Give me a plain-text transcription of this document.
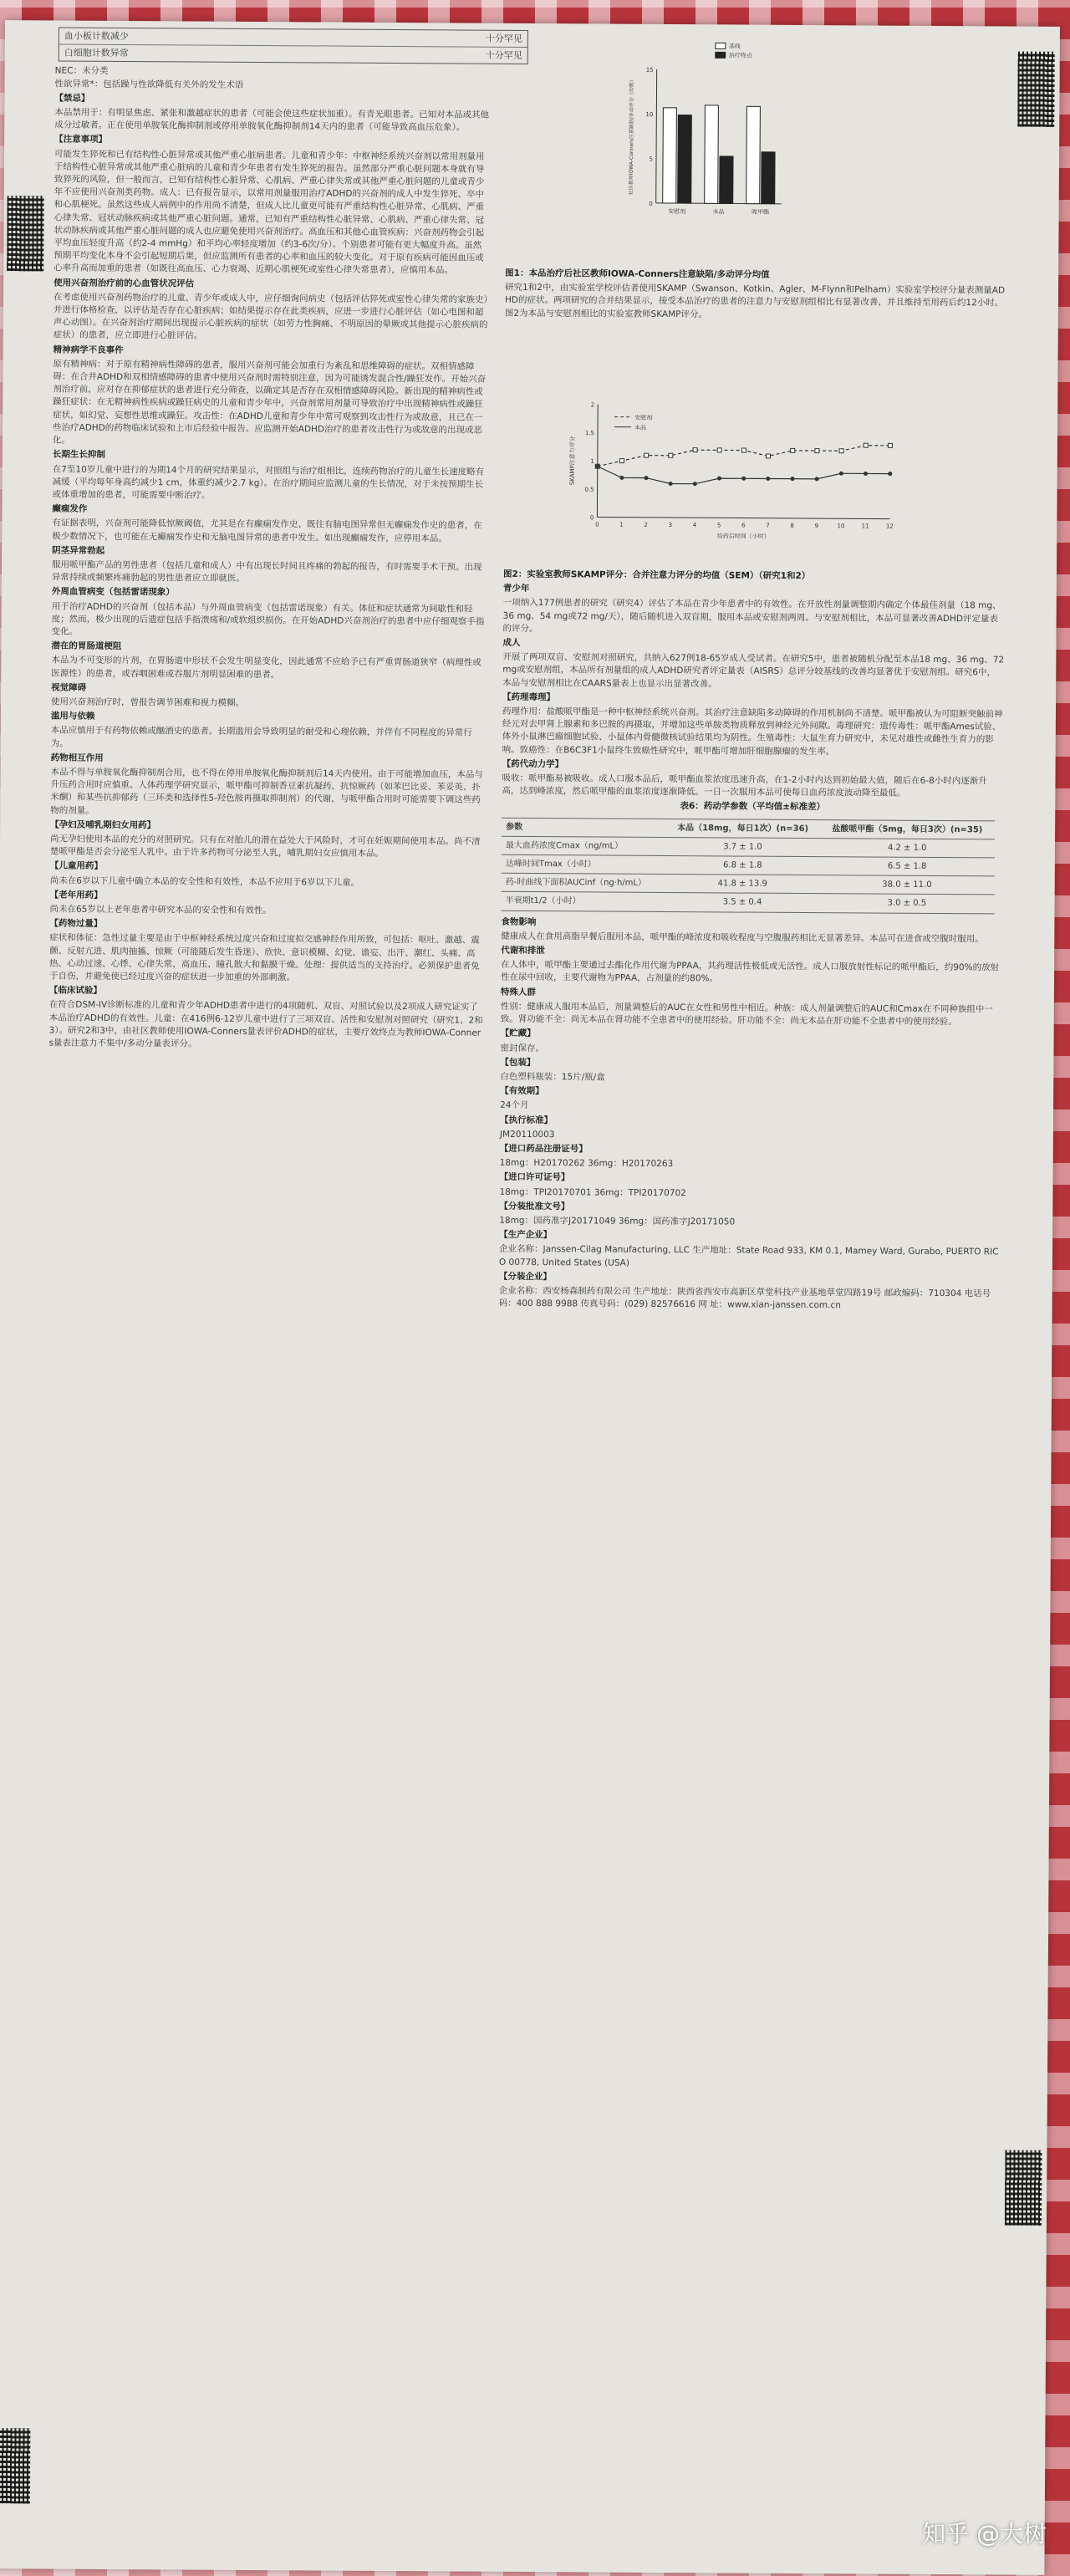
血小板计数减少	十分罕见
白细胞计数异常	十分罕见

NEC：未分类

性欲异常*：包括躁与性欲降低有关外的发生术语

【禁忌】

本品禁用于：有明显焦虑、紧张和激越症状的患者（可能会使这些症状加重）。有青光眼患者。已知对本品或其他成分过敏者。正在使用单胺氧化酶抑制剂或停用单胺氧化酶抑制剂14天内的患者（可能导致高血压危象）。

【注意事项】

可能发生猝死和已有结构性心脏异常或其他严重心脏病患者。儿童和青少年：中枢神经系统兴奋剂以常用剂量用于结构性心脏异常或其他严重心脏病的儿童和青少年患者有发生猝死的报告。虽然部分严重心脏问题本身就有导致猝死的风险，但一般而言，已知有结构性心脏异常、心肌病、严重心律失常或其他严重心脏问题的儿童或青少年不应使用兴奋剂类药物。成人：已有报告显示，以常用剂量服用治疗ADHD的兴奋剂的成人中发生猝死、卒中和心肌梗死。虽然这些成人病例中的作用尚不清楚，但成人比儿童更可能有严重结构性心脏异常、心肌病、严重心律失常、冠状动脉疾病或其他严重心脏问题。通常，已知有严重结构性心脏异常、心肌病、严重心律失常、冠状动脉疾病或其他严重心脏问题的成人也应避免使用兴奋剂治疗。高血压和其他心血管疾病：兴奋剂药物会引起平均血压轻度升高（约2-4 mmHg）和平均心率轻度增加（约3-6次/分）。个别患者可能有更大幅度升高。虽然预期平均变化本身不会引起短期后果，但应监测所有患者的心率和血压的较大变化。对于原有疾病可能因血压或心率升高而加重的患者（如既往高血压、心力衰竭、近期心肌梗死或室性心律失常患者），应慎用本品。

使用兴奋剂治疗前的心血管状况评估

在考虑使用兴奋剂药物治疗的儿童、青少年或成人中，应仔细询问病史（包括评估猝死或室性心律失常的家族史）并进行体格检查，以评估是否存在心脏疾病；如结果提示存在此类疾病，应进一步进行心脏评估（如心电图和超声心动图）。在兴奋剂治疗期间出现提示心脏疾病的症状（如劳力性胸痛、不明原因的晕厥或其他提示心脏疾病的症状）的患者，应立即进行心脏评估。

精神病学不良事件

原有精神病：对于原有精神病性障碍的患者，服用兴奋剂可能会加重行为紊乱和思维障碍的症状。双相情感障碍：在合并ADHD和双相情感障碍的患者中使用兴奋剂时需特别注意，因为可能诱发混合性/躁狂发作。开始兴奋剂治疗前，应对存在抑郁症状的患者进行充分筛查，以确定其是否存在双相情感障碍风险。新出现的精神病性或躁狂症状：在无精神病性疾病或躁狂病史的儿童和青少年中，兴奋剂常用剂量可导致治疗中出现精神病性或躁狂症状，如幻觉、妄想性思维或躁狂。攻击性：在ADHD儿童和青少年中常可观察到攻击性行为或敌意，且已在一些治疗ADHD的药物临床试验和上市后经验中报告。应监测开始ADHD治疗的患者攻击性行为或敌意的出现或恶化。

长期生长抑制

在7至10岁儿童中进行的为期14个月的研究结果显示，对照组与治疗组相比，连续药物治疗的儿童生长速度略有减缓（平均每年身高约减少1 cm，体重约减少2.7 kg）。在治疗期间应监测儿童的生长情况，对于未按预期生长或体重增加的患者，可能需要中断治疗。

癫痫发作

有证据表明，兴奋剂可能降低惊厥阈值，尤其是在有癫痫发作史、既往有脑电图异常但无癫痫发作史的患者，在极少数情况下，也可能在无癫痫发作史和无脑电图异常的患者中发生。如出现癫痫发作，应停用本品。

阴茎异常勃起

服用哌甲酯产品的男性患者（包括儿童和成人）中有出现长时间且疼痛的勃起的报告，有时需要手术干预。出现异常持续或频繁疼痛勃起的男性患者应立即就医。

外周血管病变（包括雷诺现象）

用于治疗ADHD的兴奋剂（包括本品）与外周血管病变（包括雷诺现象）有关。体征和症状通常为间歇性和轻度；然而，极少出现的后遗症包括手指溃疡和/或软组织损伤。在开始ADHD兴奋剂治疗的患者中应仔细观察手指变化。

潜在的胃肠道梗阻

本品为不可变形的片剂，在胃肠道中形状不会发生明显变化，因此通常不应给予已有严重胃肠道狭窄（病理性或医源性）的患者，或吞咽困难或吞服片剂明显困难的患者。

视觉障碍

使用兴奋剂治疗时，曾报告调节困难和视力模糊。

滥用与依赖

本品应慎用于有药物依赖或酗酒史的患者。长期滥用会导致明显的耐受和心理依赖，并伴有不同程度的异常行为。

药物相互作用

本品不得与单胺氧化酶抑制剂合用，也不得在停用单胺氧化酶抑制剂后14天内使用。由于可能增加血压，本品与升压药合用时应慎重。人体药理学研究显示，哌甲酯可抑制香豆素抗凝药、抗惊厥药（如苯巴比妥、苯妥英、扑米酮）和某些抗抑郁药（三环类和选择性5-羟色胺再摄取抑制剂）的代谢，与哌甲酯合用时可能需要下调这些药物的剂量。

【孕妇及哺乳期妇女用药】

尚无孕妇使用本品的充分的对照研究。只有在对胎儿的潜在益处大于风险时，才可在妊娠期间使用本品。尚不清楚哌甲酯是否会分泌至人乳中。由于许多药物可分泌至人乳，哺乳期妇女应慎用本品。

【儿童用药】

尚未在6岁以下儿童中确立本品的安全性和有效性，本品不应用于6岁以下儿童。

【老年用药】

尚未在65岁以上老年患者中研究本品的安全性和有效性。

【药物过量】

症状和体征：急性过量主要是由于中枢神经系统过度兴奋和过度拟交感神经作用所致，可包括：呕吐、激越、震颤、反射亢进、肌肉抽搐、惊厥（可能随后发生昏迷）、欣快、意识模糊、幻觉、谵妄、出汗、潮红、头痛、高热、心动过速、心悸、心律失常、高血压、瞳孔散大和黏膜干燥。处理：提供适当的支持治疗。必须保护患者免于自伤，并避免使已经过度兴奋的症状进一步加重的外部刺激。

【临床试验】

在符合DSM-IV诊断标准的儿童和青少年ADHD患者中进行的4项随机、双盲、对照试验以及2项成人研究证实了本品治疗ADHD的有效性。儿童：在416例6-12岁儿童中进行了三项双盲、活性和安慰剂对照研究（研究1、2和3）。研究2和3中，由社区教师使用IOWA-Conners量表评价ADHD的症状，主要疗效终点为教师IOWA-Conners量表注意力不集中/多动分量表评分。

0
5
10
15
安慰剂	本品	哌甲酯
基线
治疗终点
社区教师IOWA-Conners注意缺陷/多动评分（均数）

图1：本品治疗后社区教师IOWA-Conners注意缺陷/多动评分均值

研究1和2中，由实验室学校评估者使用SKAMP（Swanson、Kotkin、Agler、M-Flynn和Pelham）实验室学校评分量表测量ADHD的症状。两项研究的合并结果显示，接受本品治疗的患者的注意力与安慰剂组相比有显著改善，并且维持至用药后约12小时。图2为本品与安慰剂相比的实验室教师SKAMP评分。

0	1	2	3	4	5	6	7	8	9	10	11	12
0
0.5
1
1.5
2
安慰剂
本品
给药后时间（小时）
SKAMP注意力评分

图2：实验室教师SKAMP评分：合并注意力评分的均值（SEM）（研究1和2）

青少年

一项纳入177例患者的研究（研究4）评估了本品在青少年患者中的有效性。在开放性剂量调整期内确定个体最佳剂量（18 mg、36 mg、54 mg或72 mg/天），随后随机进入双盲期，服用本品或安慰剂两周。与安慰剂相比，本品可显著改善ADHD评定量表的评分。

成人

开展了两项双盲、安慰剂对照研究，共纳入627例18-65岁成人受试者。在研究5中，患者被随机分配至本品18 mg、36 mg、72 mg或安慰剂组，本品所有剂量组的成人ADHD研究者评定量表（AISRS）总评分较基线的改善均显著优于安慰剂组。研究6中，本品与安慰剂相比在CAARS量表上也显示出显著改善。

【药理毒理】

药理作用：盐酸哌甲酯是一种中枢神经系统兴奋剂。其治疗注意缺陷多动障碍的作用机制尚不清楚。哌甲酯被认为可阻断突触前神经元对去甲肾上腺素和多巴胺的再摄取，并增加这些单胺类物质释放到神经元外间隙。毒理研究：遗传毒性：哌甲酯Ames试验、体外小鼠淋巴瘤细胞试验、小鼠体内骨髓微核试验结果均为阴性。生殖毒性：大鼠生育力研究中，未见对雄性或雌性生育力的影响。致癌性：在B6C3F1小鼠终生致癌性研究中，哌甲酯可增加肝细胞腺瘤的发生率。

【药代动力学】

吸收：哌甲酯易被吸收。成人口服本品后，哌甲酯血浆浓度迅速升高，在1-2小时内达到初始最大值，随后在6-8小时内逐渐升高，达到峰浓度，然后哌甲酯的血浆浓度逐渐降低。一日一次服用本品可使每日血药浓度波动降至最低。

表6：药动学参数（平均值±标准差）

参数	本品（18mg，每日1次）(n=36)	盐酸哌甲酯（5mg，每日3次）(n=35)
最大血药浓度Cmax（ng/mL）	3.7 ± 1.0	4.2 ± 1.0
达峰时间Tmax（小时）	6.8 ± 1.8	6.5 ± 1.8
药-时曲线下面积AUCinf（ng·h/mL）	41.8 ± 13.9	38.0 ± 11.0
半衰期t1/2（小时）	3.5 ± 0.4	3.0 ± 0.5

食物影响

健康成人在食用高脂早餐后服用本品，哌甲酯的峰浓度和吸收程度与空腹服药相比无显著差异。本品可在进食或空腹时服用。

代谢和排泄

在人体中，哌甲酯主要通过去酯化作用代谢为PPAA，其药理活性极低或无活性。成人口服放射性标记的哌甲酯后，约90%的放射性在尿中回收，主要代谢物为PPAA，占剂量的约80%。

特殊人群

性别：健康成人服用本品后，剂量调整后的AUC在女性和男性中相近。种族：成人剂量调整后的AUC和Cmax在不同种族组中一致。肾功能不全：尚无本品在肾功能不全患者中的使用经验。肝功能不全：尚无本品在肝功能不全患者中的使用经验。

【贮藏】

密封保存。

【包装】

白色塑料瓶装：15片/瓶/盒

【有效期】

24个月

【执行标准】

JM20110003

【进口药品注册证号】

18mg：H20170262 36mg：H20170263

【进口许可证号】

18mg：TPI20170701 36mg：TPI20170702

【分装批准文号】

18mg：国药准字J20171049 36mg：国药准字J20171050

【生产企业】

企业名称：Janssen-Cilag Manufacturing, LLC 生产地址：State Road 933, KM 0.1, Mamey Ward, Gurabo, PUERTO RICO 00778, United States (USA)

【分装企业】

企业名称：西安杨森制药有限公司 生产地址：陕西省西安市高新区草堂科技产业基地草堂四路19号 邮政编码：710304 电话号码：400 888 9988 传真号码：(029) 82576616 网 址：www.xian-janssen.com.cn

知乎 @大树
